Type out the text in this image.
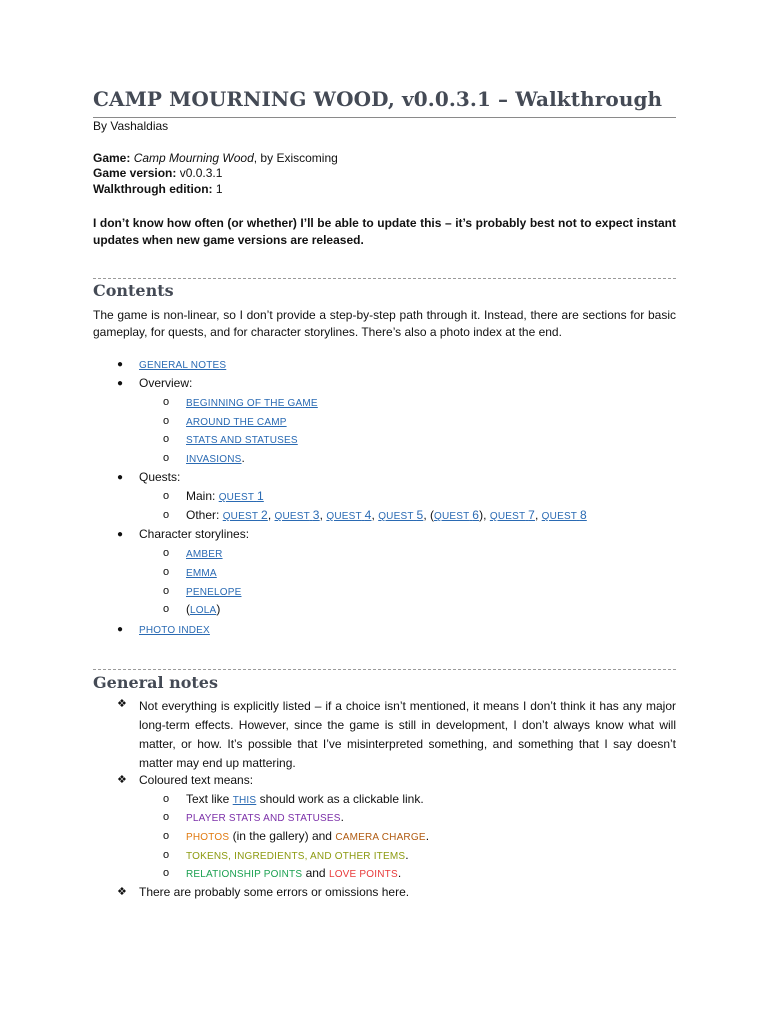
CAMP MOURNING WOOD, v0.0.3.1 – Walkthrough
By Vashaldias
Game: Camp Mourning Wood, by Exiscoming
Game version: v0.0.3.1
Walkthrough edition: 1
I don’t know how often (or whether) I’ll be able to update this – it’s probably best not to expect instant updates when new game versions are released.
Contents
The game is non-linear, so I don’t provide a step-by-step path through it. Instead, there are sections for basic gameplay, for quests, and for character storylines. There’s also a photo index at the end.
● GENERAL NOTES
● Overview:
o BEGINNING OF THE GAME
o AROUND THE CAMP
o STATS AND STATUSES
o INVASIONS.
● Quests:
o Main: QUEST 1
o Other: QUEST 2, QUEST 3, QUEST 4, QUEST 5, (QUEST 6), QUEST 7, QUEST 8
● Character storylines:
o AMBER
o EMMA
o PENELOPE
o (LOLA)
● PHOTO INDEX
General notes
❖ Not everything is explicitly listed – if a choice isn’t mentioned, it means I don’t think it has any major long-term effects. However, since the game is still in development, I don’t always know what will matter, or how. It’s possible that I’ve misinterpreted something, and something that I say doesn’t matter may end up mattering.
❖ Coloured text means:
o Text like THIS should work as a clickable link.
o PLAYER STATS AND STATUSES.
o PHOTOS (in the gallery) and CAMERA CHARGE.
o TOKENS, INGREDIENTS, AND OTHER ITEMS.
o RELATIONSHIP POINTS and LOVE POINTS.
❖ There are probably some errors or omissions here.
